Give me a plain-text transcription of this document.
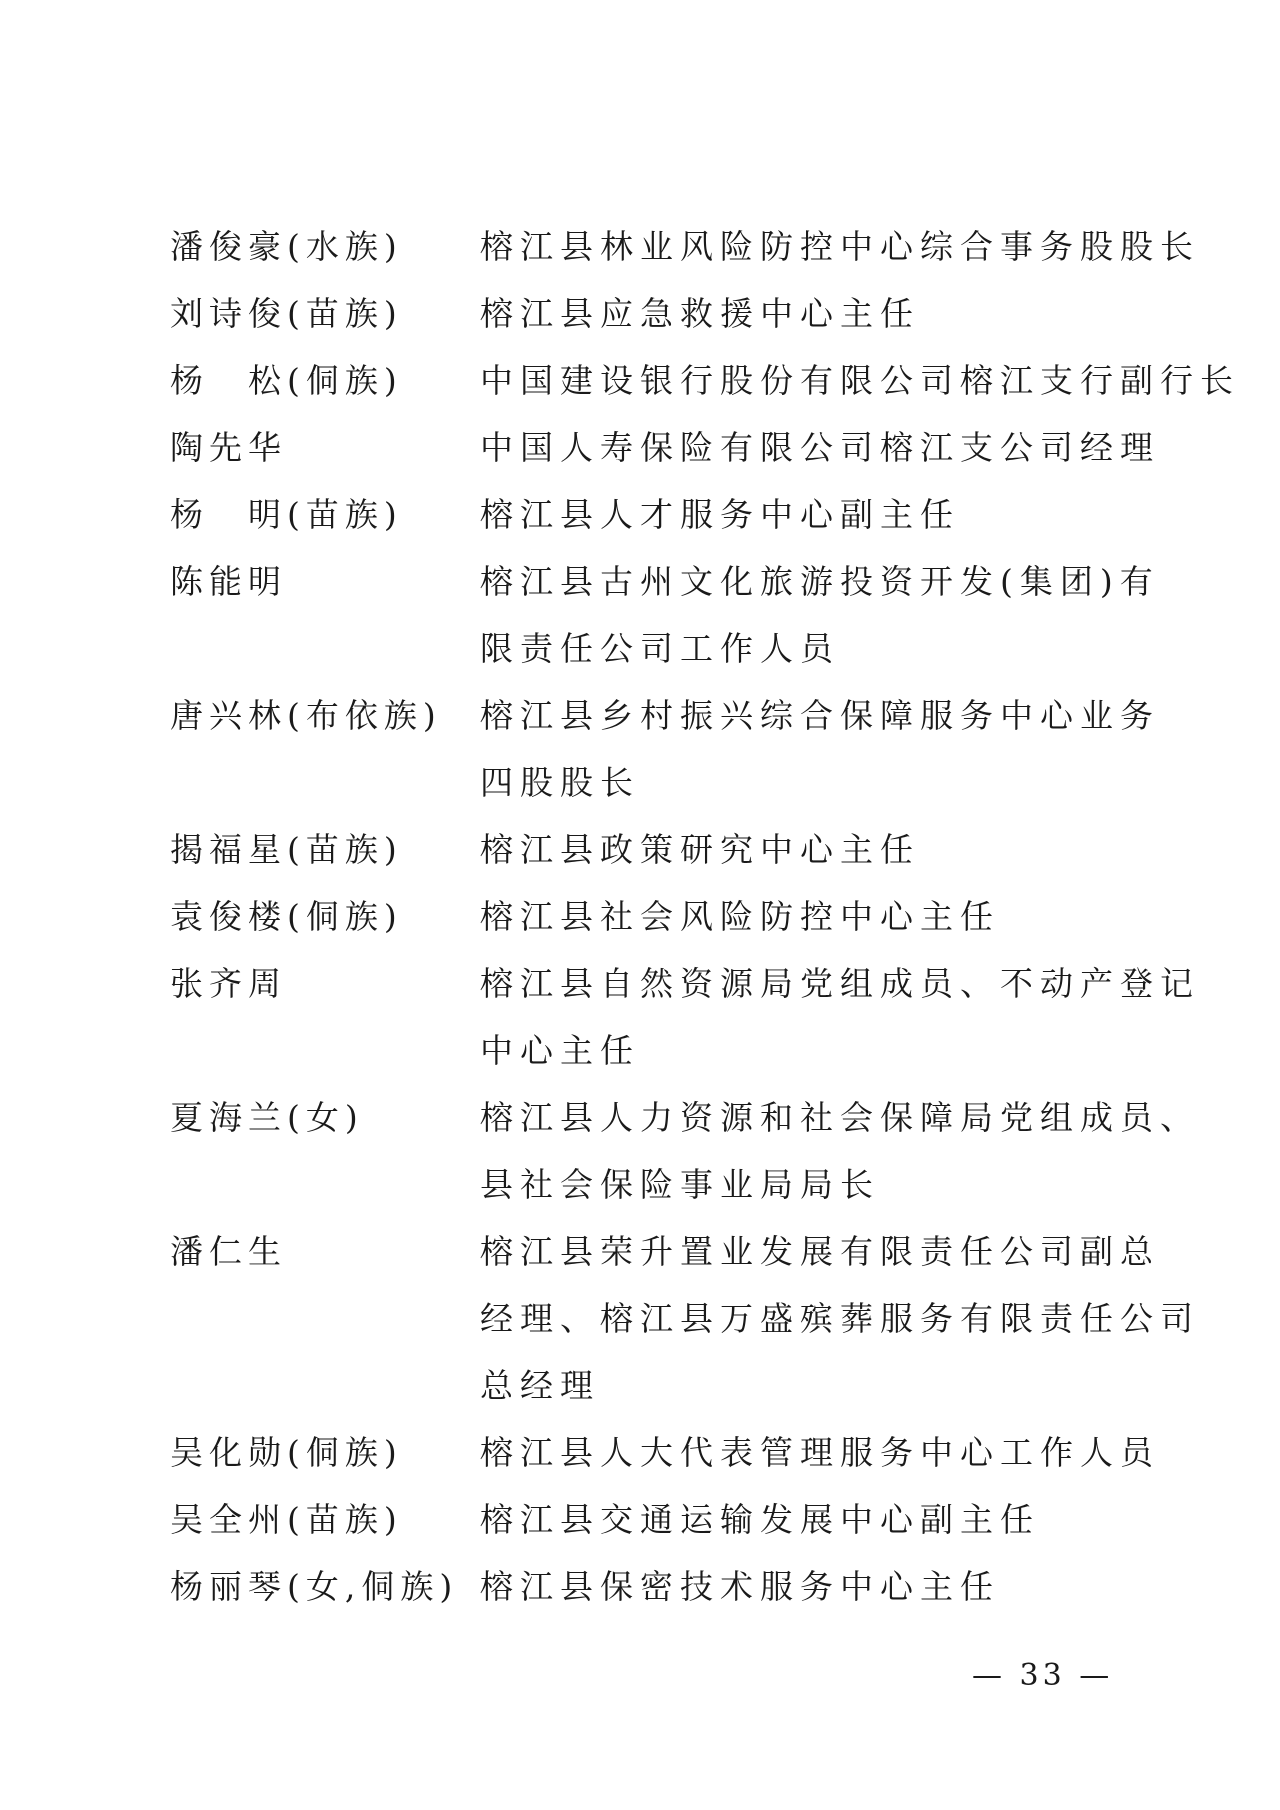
潘俊豪(水族)	榕江县林业风险防控中心综合事务股股长
刘诗俊(苗族)	榕江县应急救援中心主任
杨　松(侗族)	中国建设银行股份有限公司榕江支行副行长
陶先华	中国人寿保险有限公司榕江支公司经理
杨　明(苗族)	榕江县人才服务中心副主任
陈能明	榕江县古州文化旅游投资开发(集团)有
限责任公司工作人员
唐兴林(布依族)	榕江县乡村振兴综合保障服务中心业务
四股股长
揭福星(苗族)	榕江县政策研究中心主任
袁俊楼(侗族)	榕江县社会风险防控中心主任
张齐周	榕江县自然资源局党组成员、不动产登记
中心主任
夏海兰(女)	榕江县人力资源和社会保障局党组成员、
县社会保险事业局局长
潘仁生	榕江县荣升置业发展有限责任公司副总
经理、榕江县万盛殡葬服务有限责任公司
总经理
吴化勋(侗族)	榕江县人大代表管理服务中心工作人员
吴全州(苗族)	榕江县交通运输发展中心副主任
杨丽琴(女,侗族) 榕江县保密技术服务中心主任
— 33 —
